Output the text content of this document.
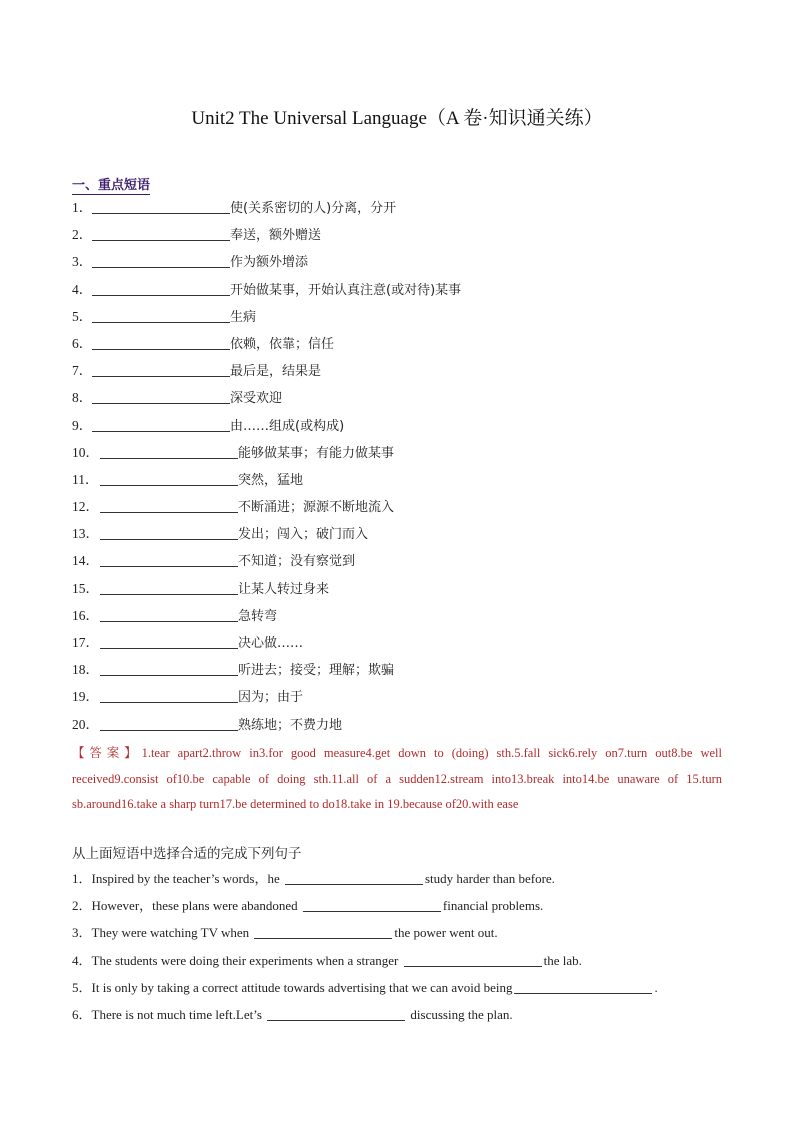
Unit2 The Universal Language（A 卷·知识通关练）
一、重点短语
1．	使(关系密切的人)分离，分开
2．	奉送，额外赠送
3．	作为额外增添
4．	开始做某事，开始认真注意(或对待)某事
5．	生病
6．	依赖，依靠；信任
7．	最后是，结果是
8．	深受欢迎
9．	由……组成(或构成)
10．	能够做某事；有能力做某事
11．	突然，猛地
12．	不断涌进；源源不断地流入
13．	发出；闯入；破门而入
14．	不知道；没有察觉到
15．	让某人转过身来
16．	急转弯
17．	决心做……
18．	听进去；接受；理解；欺骗
19．	因为；由于
20．	熟练地；不费力地
【答案】1.tear apart2.throw in3.for good measure4.get down to (doing) sth.5.fall sick6.rely on7.turn out8.be well received9.consist of10.be capable of doing sth.11.all of a sudden12.stream into13.break into14.be unaware of 15.turn sb.around16.take a sharp turn17.be determined to do18.take in 19.because of20.with ease
从上面短语中选择合适的完成下列句子
1．Inspired by the teacher’s words，he	study harder than before.
2．However，these plans were abandoned	financial problems.
3．They were watching TV when	the power went out.
4．The students were doing their experiments when a stranger	the lab.
5．It is only by taking a correct attitude towards advertising that we can avoid being	.
6．There is not much time left.Let’s	discussing the plan.
